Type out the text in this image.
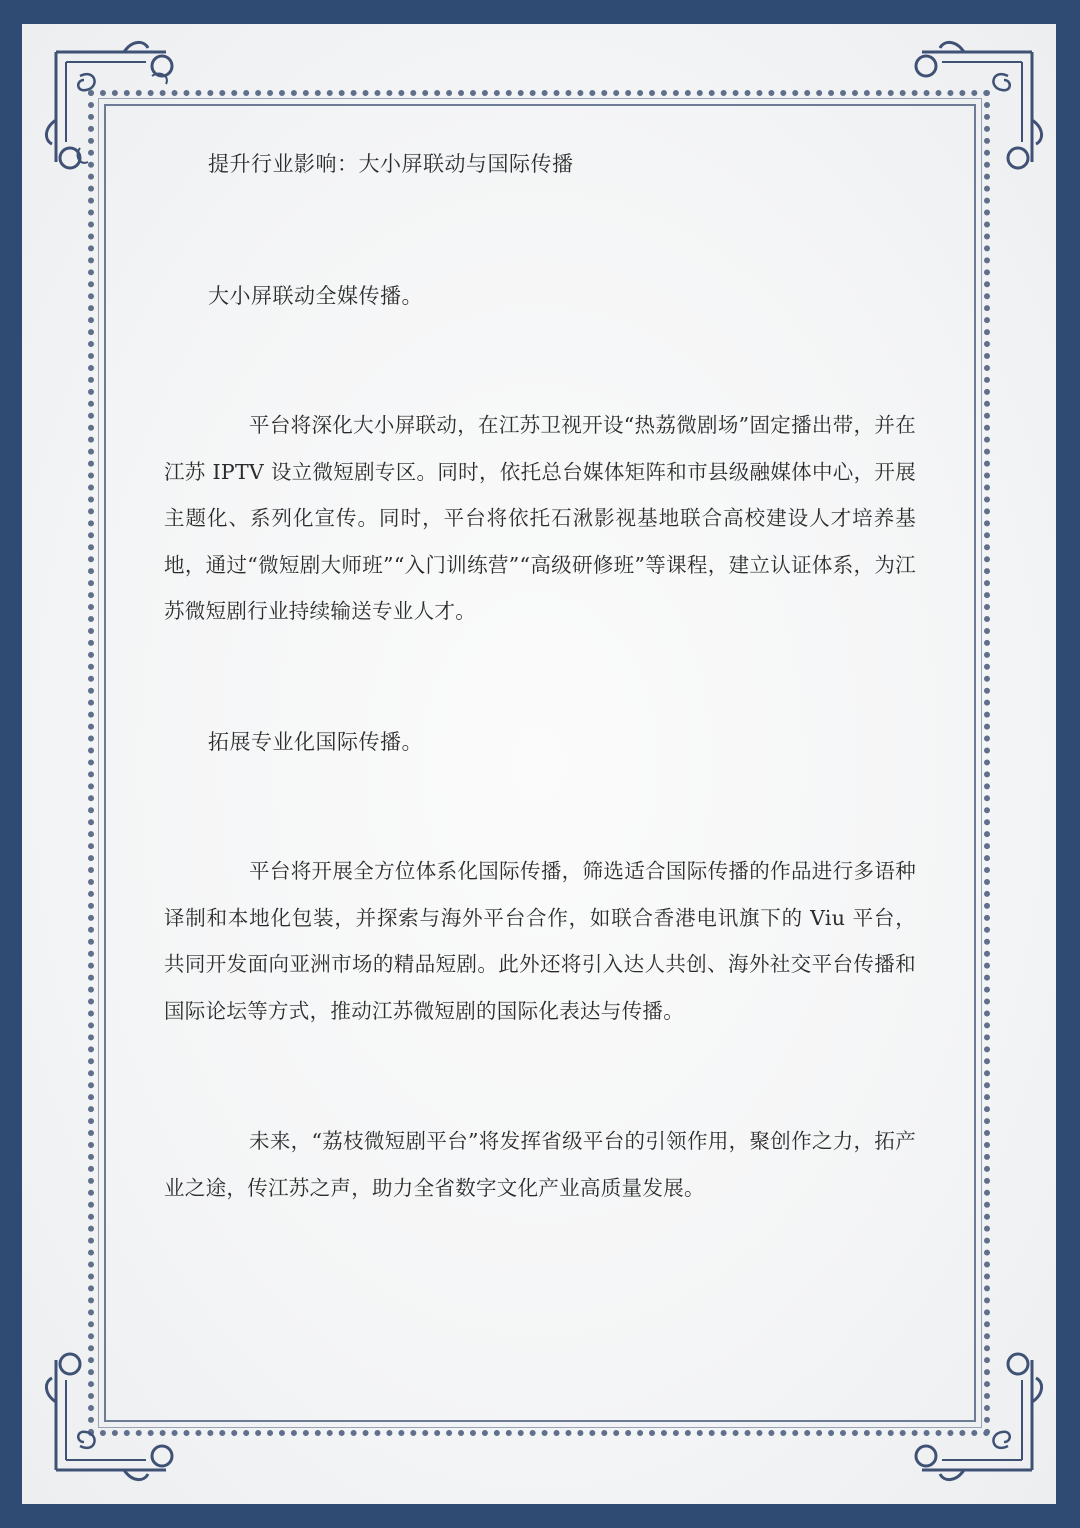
提升行业影响：大小屏联动与国际传播
大小屏联动全媒传播。
平台将深化大小屏联动，在江苏卫视开设“热荔微剧场”固定播出带，并在江苏 IPTV 设立微短剧专区。同时，依托总台媒体矩阵和市县级融媒体中心，开展主题化、系列化宣传。同时，平台将依托石湫影视基地联合高校建设人才培养基地，通过“微短剧大师班”“入门训练营”“高级研修班”等课程，建立认证体系，为江苏微短剧行业持续输送专业人才。
拓展专业化国际传播。
平台将开展全方位体系化国际传播，筛选适合国际传播的作品进行多语种译制和本地化包装，并探索与海外平台合作，如联合香港电讯旗下的 Viu 平台，共同开发面向亚洲市场的精品短剧。此外还将引入达人共创、海外社交平台传播和国际论坛等方式，推动江苏微短剧的国际化表达与传播。
未来，“荔枝微短剧平台”将发挥省级平台的引领作用，聚创作之力，拓产业之途，传江苏之声，助力全省数字文化产业高质量发展。
